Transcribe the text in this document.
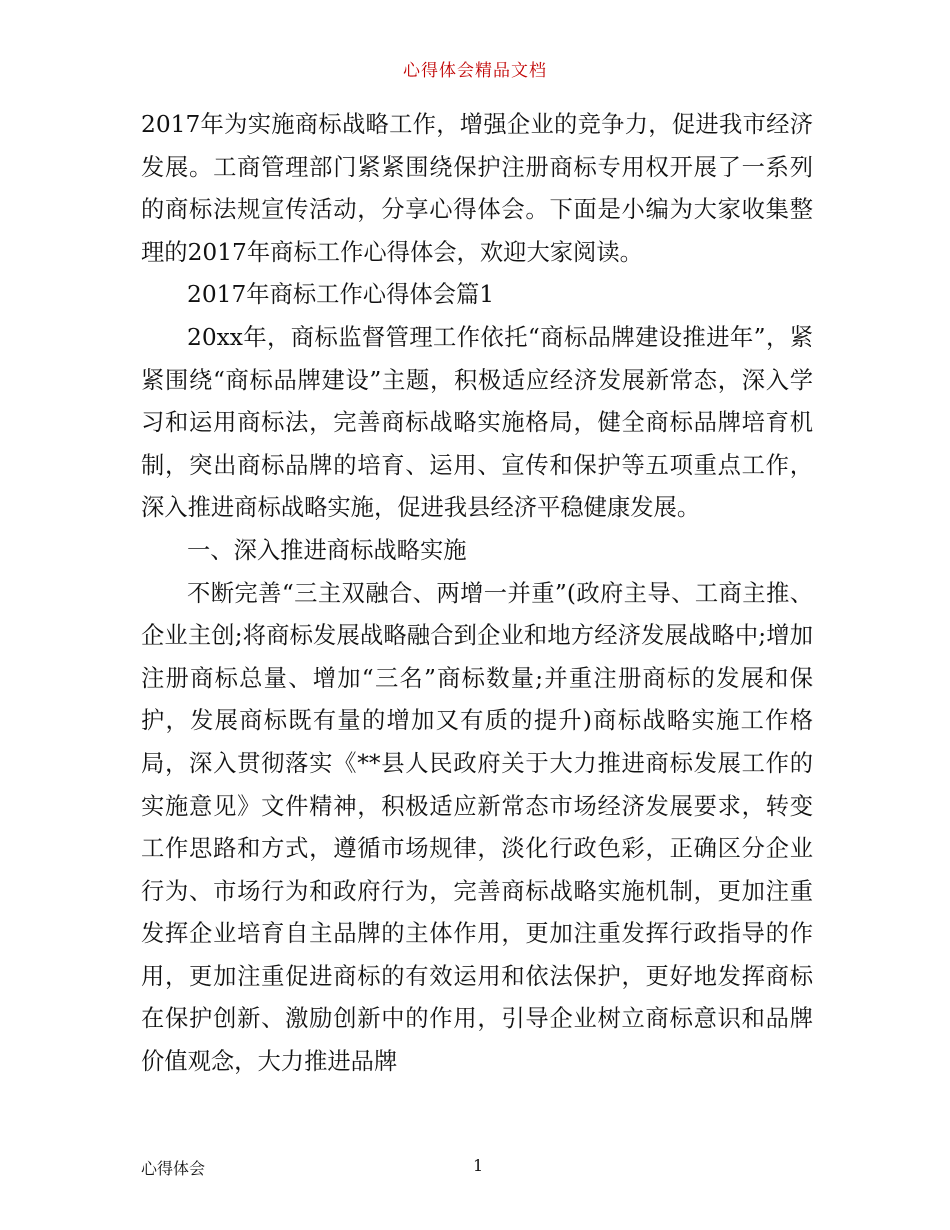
心得体会精品文档

2017年为实施商标战略工作，增强企业的竞争力，促进我市经济发展。工商管理部门紧紧围绕保护注册商标专用权开展了一系列的商标法规宣传活动，分享心得体会。下面是小编为大家收集整理的2017年商标工作心得体会，欢迎大家阅读。

2017年商标工作心得体会篇1

20xx年，商标监督管理工作依托“商标品牌建设推进年”，紧紧围绕“商标品牌建设”主题，积极适应经济发展新常态，深入学习和运用商标法，完善商标战略实施格局，健全商标品牌培育机制，突出商标品牌的培育、运用、宣传和保护等五项重点工作，深入推进商标战略实施，促进我县经济平稳健康发展。

一、深入推进商标战略实施

不断完善“三主双融合、两增一并重”(政府主导、工商主推、企业主创;将商标发展战略融合到企业和地方经济发展战略中;增加注册商标总量、增加“三名”商标数量;并重注册商标的发展和保护，发展商标既有量的增加又有质的提升)商标战略实施工作格局，深入贯彻落实《**县人民政府关于大力推进商标发展工作的实施意见》文件精神，积极适应新常态市场经济发展要求，转变工作思路和方式，遵循市场规律，淡化行政色彩，正确区分企业行为、市场行为和政府行为，完善商标战略实施机制，更加注重发挥企业培育自主品牌的主体作用，更加注重发挥行政指导的作用，更加注重促进商标的有效运用和依法保护，更好地发挥商标在保护创新、激励创新中的作用，引导企业树立商标意识和品牌价值观念，大力推进品牌

心得体会	1
